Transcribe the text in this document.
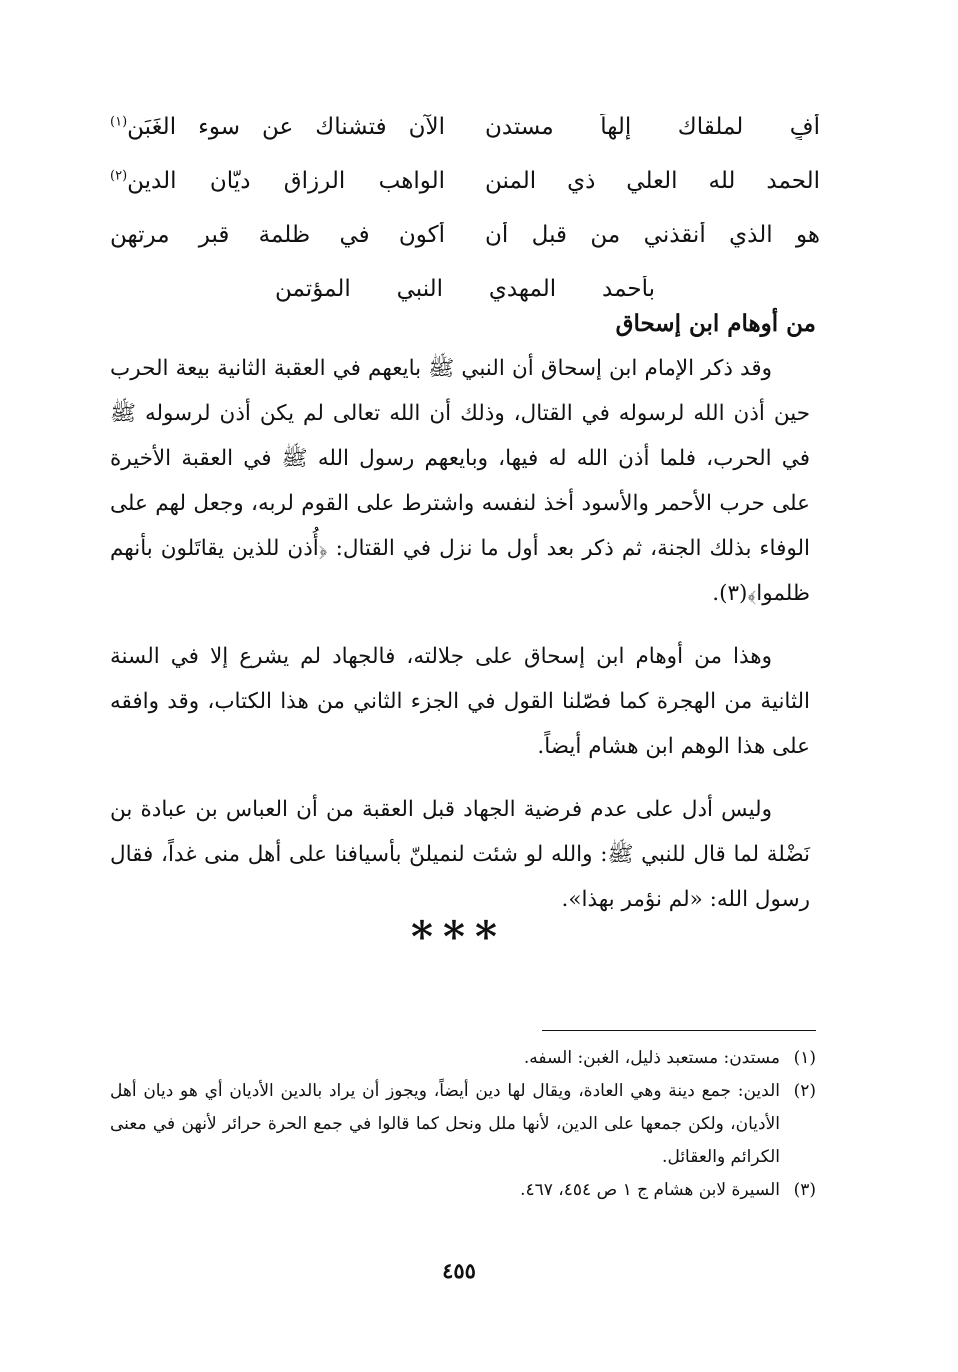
أفٍ لملقاك إلهاً مستدن
الآن فتشناك عن سوء الغَبَن$^{(١)}$
الحمد لله العلي ذي المنن
الواهب الرزاق ديّان الدين$^{(٢)}$
هو الذي أنقذني من قبل أن
أكون في ظلمة قبر مرتهن
بأحمد المهدي النبي المؤتمن
من أوهام ابن إسحاق

وقد ذكر الإمام ابن إسحاق أن النبي ﷺ بايعهم في العقبة الثانية بيعة الحرب حين أذن الله لرسوله في القتال، وذلك أن الله تعالى لم يكن أذن لرسوله ﷺ في الحرب، فلما أذن الله له فيها، وبايعهم رسول الله ﷺ في العقبة الأخيرة على حرب الأحمر والأسود أخذ لنفسه واشترط على القوم لربه، وجعل لهم على الوفاء بذلك الجنة، ثم ذكر بعد أول ما نزل في القتال: ﴿أُذن للذين يقاتَلون بأنهم ظلموا﴾(٣).

وهذا من أوهام ابن إسحاق على جلالته، فالجهاد لم يشرع إلا في السنة الثانية من الهجرة كما فصّلنا القول في الجزء الثاني من هذا الكتاب، وقد وافقه على هذا الوهم ابن هشام أيضاً.

وليس أدل على عدم فرضية الجهاد قبل العقبة من أن العباس بن عبادة بن نَضْلة لما قال للنبي ﷺ: والله لو شئت لنميلنّ بأسيافنا على أهل منى غداً، فقال رسول الله: «لم نؤمر بهذا».

***
(١)
مستدن: مستعبد ذليل، الغبن: السفه.
(٢)
الدين: جمع دينة وهي العادة، ويقال لها دين أيضاً، ويجوز أن يراد بالدين الأديان أي هو ديان أهل الأديان، ولكن جمعها على الدين، لأنها ملل ونحل كما قالوا في جمع الحرة حرائر لأنهن في معنى الكرائم والعقائل.
(٣)
السيرة لابن هشام ج ١ ص ٤٥٤، ٤٦٧.
٤٥٥
